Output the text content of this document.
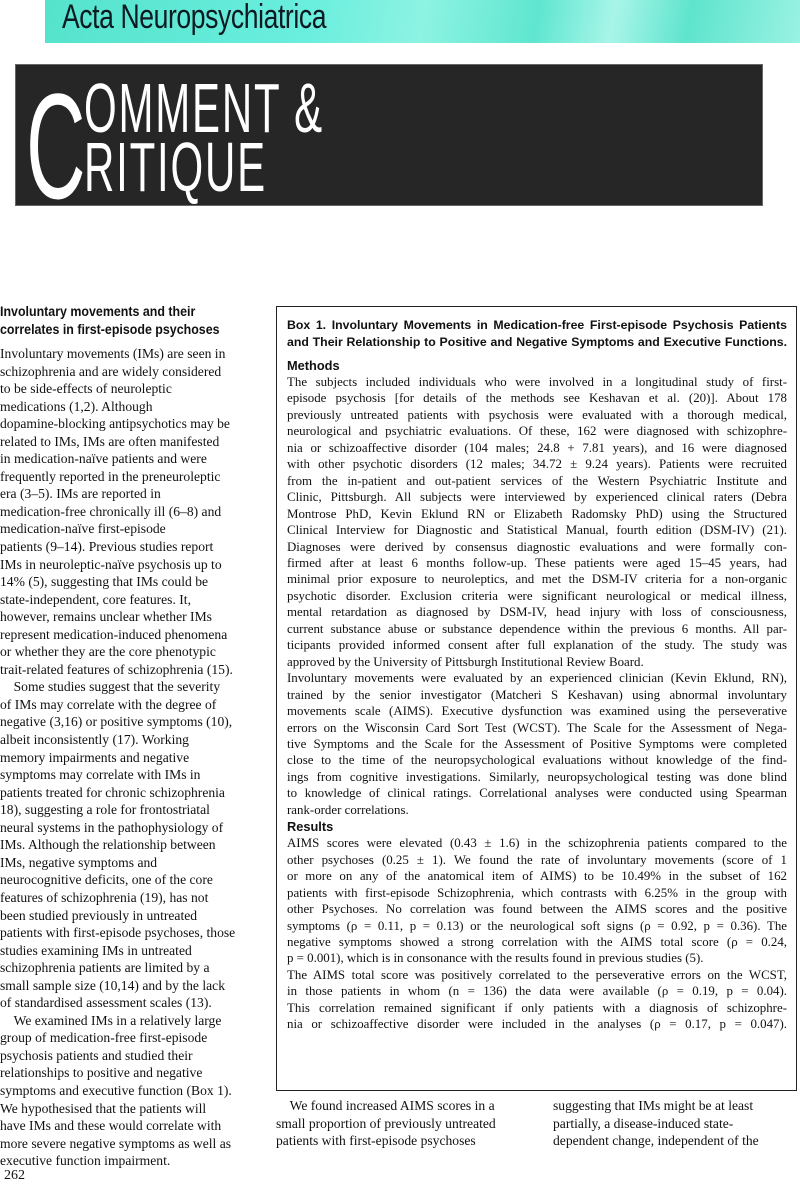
Acta Neuropsychiatrica
C
OMMENT &
RITIQUE
Involuntary movements and their
correlates in first-episode psychoses
Involuntary movements (IMs) are seen in
schizophrenia and are widely considered
to be side-effects of neuroleptic
medications (1,2). Although
dopamine-blocking antipsychotics may be
related to IMs, IMs are often manifested
in medication-naïve patients and were
frequently reported in the preneuroleptic
era (3–5). IMs are reported in
medication-free chronically ill (6–8) and
medication-naïve first-episode
patients (9–14). Previous studies report
IMs in neuroleptic-naïve psychosis up to
14% (5), suggesting that IMs could be
state-independent, core features. It,
however, remains unclear whether IMs
represent medication-induced phenomena
or whether they are the core phenotypic
trait-related features of schizophrenia (15).
 Some studies suggest that the severity
of IMs may correlate with the degree of
negative (3,16) or positive symptoms (10),
albeit inconsistently (17). Working
memory impairments and negative
symptoms may correlate with IMs in
patients treated for chronic schizophrenia
18), suggesting a role for frontostriatal
neural systems in the pathophysiology of
IMs. Although the relationship between
IMs, negative symptoms and
neurocognitive deficits, one of the core
features of schizophrenia (19), has not
been studied previously in untreated
patients with first-episode psychoses, those
studies examining IMs in untreated
schizophrenia patients are limited by a
small sample size (10,14) and by the lack
of standardised assessment scales (13).
 We examined IMs in a relatively large
group of medication-free first-episode
psychosis patients and studied their
relationships to positive and negative
symptoms and executive function (Box 1).
We hypothesised that the patients will
have IMs and these would correlate with
more severe negative symptoms as well as
executive function impairment.
Box 1. Involuntary Movements in Medication-free First-episode Psychosis Patients
and Their Relationship to Positive and Negative Symptoms and Executive Functions.
Methods
The subjects included individuals who were involved in a longitudinal study of first-
episode psychosis [for details of the methods see Keshavan et al. (20)]. About 178
previously untreated patients with psychosis were evaluated with a thorough medical,
neurological and psychiatric evaluations. Of these, 162 were diagnosed with schizophre-
nia or schizoaffective disorder (104 males; 24.8 + 7.81 years), and 16 were diagnosed
with other psychotic disorders (12 males; 34.72 ± 9.24 years). Patients were recruited
from the in-patient and out-patient services of the Western Psychiatric Institute and
Clinic, Pittsburgh. All subjects were interviewed by experienced clinical raters (Debra
Montrose PhD, Kevin Eklund RN or Elizabeth Radomsky PhD) using the Structured
Clinical Interview for Diagnostic and Statistical Manual, fourth edition (DSM-IV) (21).
Diagnoses were derived by consensus diagnostic evaluations and were formally con-
firmed after at least 6 months follow-up. These patients were aged 15–45 years, had
minimal prior exposure to neuroleptics, and met the DSM-IV criteria for a non-organic
psychotic disorder. Exclusion criteria were significant neurological or medical illness,
mental retardation as diagnosed by DSM-IV, head injury with loss of consciousness,
current substance abuse or substance dependence within the previous 6 months. All par-
ticipants provided informed consent after full explanation of the study. The study was
approved by the University of Pittsburgh Institutional Review Board.
Involuntary movements were evaluated by an experienced clinician (Kevin Eklund, RN),
trained by the senior investigator (Matcheri S Keshavan) using abnormal involuntary
movements scale (AIMS). Executive dysfunction was examined using the perseverative
errors on the Wisconsin Card Sort Test (WCST). The Scale for the Assessment of Nega-
tive Symptoms and the Scale for the Assessment of Positive Symptoms were completed
close to the time of the neuropsychological evaluations without knowledge of the find-
ings from cognitive investigations. Similarly, neuropsychological testing was done blind
to knowledge of clinical ratings. Correlational analyses were conducted using Spearman
rank-order correlations.
Results
AIMS scores were elevated (0.43 ± 1.6) in the schizophrenia patients compared to the
other psychoses (0.25 ± 1). We found the rate of involuntary movements (score of 1
or more on any of the anatomical item of AIMS) to be 10.49% in the subset of 162
patients with first-episode Schizophrenia, which contrasts with 6.25% in the group with
other Psychoses. No correlation was found between the AIMS scores and the positive
symptoms (ρ = 0.11, p = 0.13) or the neurological soft signs (ρ = 0.92, p = 0.36). The
negative symptoms showed a strong correlation with the AIMS total score (ρ = 0.24,
p = 0.001), which is in consonance with the results found in previous studies (5).
The AIMS total score was positively correlated to the perseverative errors on the WCST,
in those patients in whom (n = 136) the data were available (ρ = 0.19, p = 0.04).
This correlation remained significant if only patients with a diagnosis of schizophre-
nia or schizoaffective disorder were included in the analyses (ρ = 0.17, p = 0.047).
 We found increased AIMS scores in a
small proportion of previously untreated
patients with first-episode psychoses
suggesting that IMs might be at least
partially, a disease-induced state-
dependent change, independent of the
262
